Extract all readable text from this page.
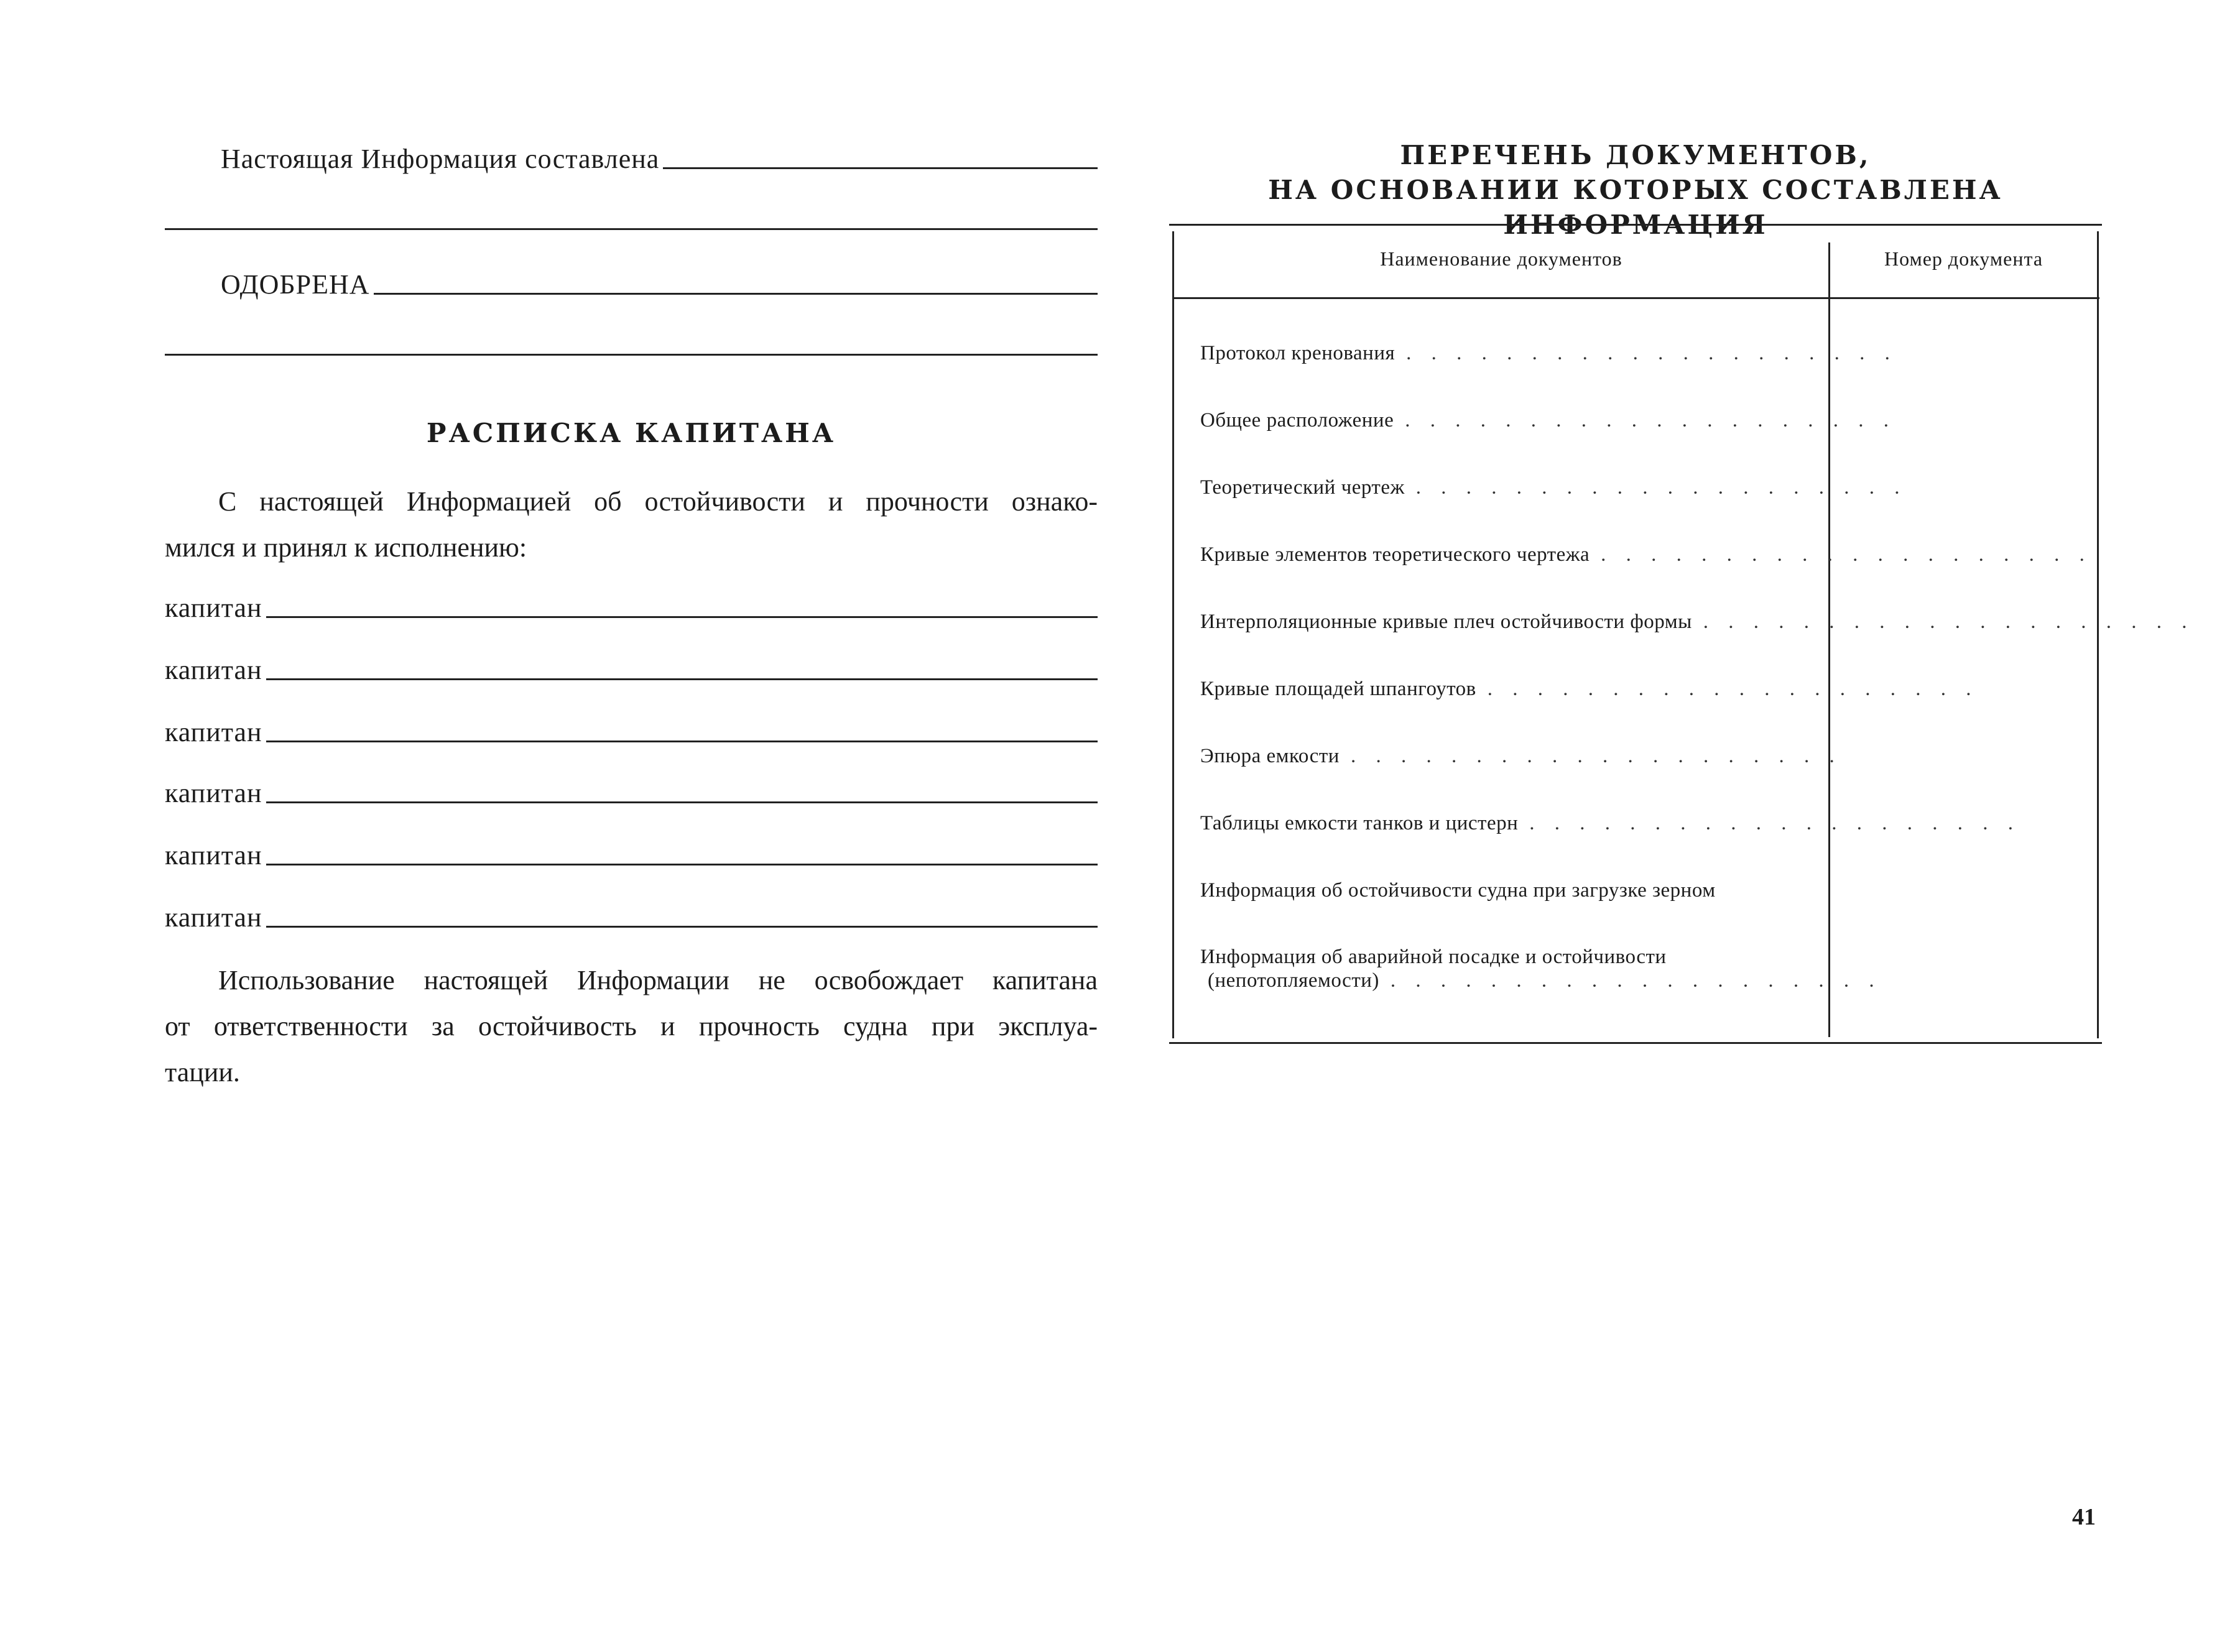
Настоящая Информация составлена
ОДОБРЕНА
РАСПИСКА КАПИТАНА
С настоящей Информацией об остойчивости и прочности ознако-
мился и принял к исполнению:
капитан
капитан
капитан
капитан
капитан
капитан
Использование настоящей Информации не освобождает капитана
от ответственности за остойчивость и прочность судна при эксплуа-
тации.
ПЕРЕЧЕНЬ ДОКУМЕНТОВ,
НА ОСНОВАНИИ КОТОРЫХ СОСТАВЛЕНА ИНФОРМАЦИЯ
Наименование документов	Номер документа
Протокол кренования . . . . . . . . . . . . . . . . . . . .
Общее расположение . . . . . . . . . . . . . . . . . . . .
Теоретический чертеж . . . . . . . . . . . . . . . . . . . .
Кривые элементов теоретического чертежа . . . . . . . . . . . . . . . . . . . .
Интерполяционные кривые плеч остойчивости формы . . . . . . . . . . . . . . . . . . . .
Кривые площадей шпангоутов . . . . . . . . . . . . . . . . . . . .
Эпюра емкости . . . . . . . . . . . . . . . . . . . .
Таблицы емкости танков и цистерн . . . . . . . . . . . . . . . . . . . .
Информация об остойчивости судна при загрузке зерном
Информация об аварийной посадке и остойчивости
(непотопляемости) . . . . . . . . . . . . . . . . . . . .
41
